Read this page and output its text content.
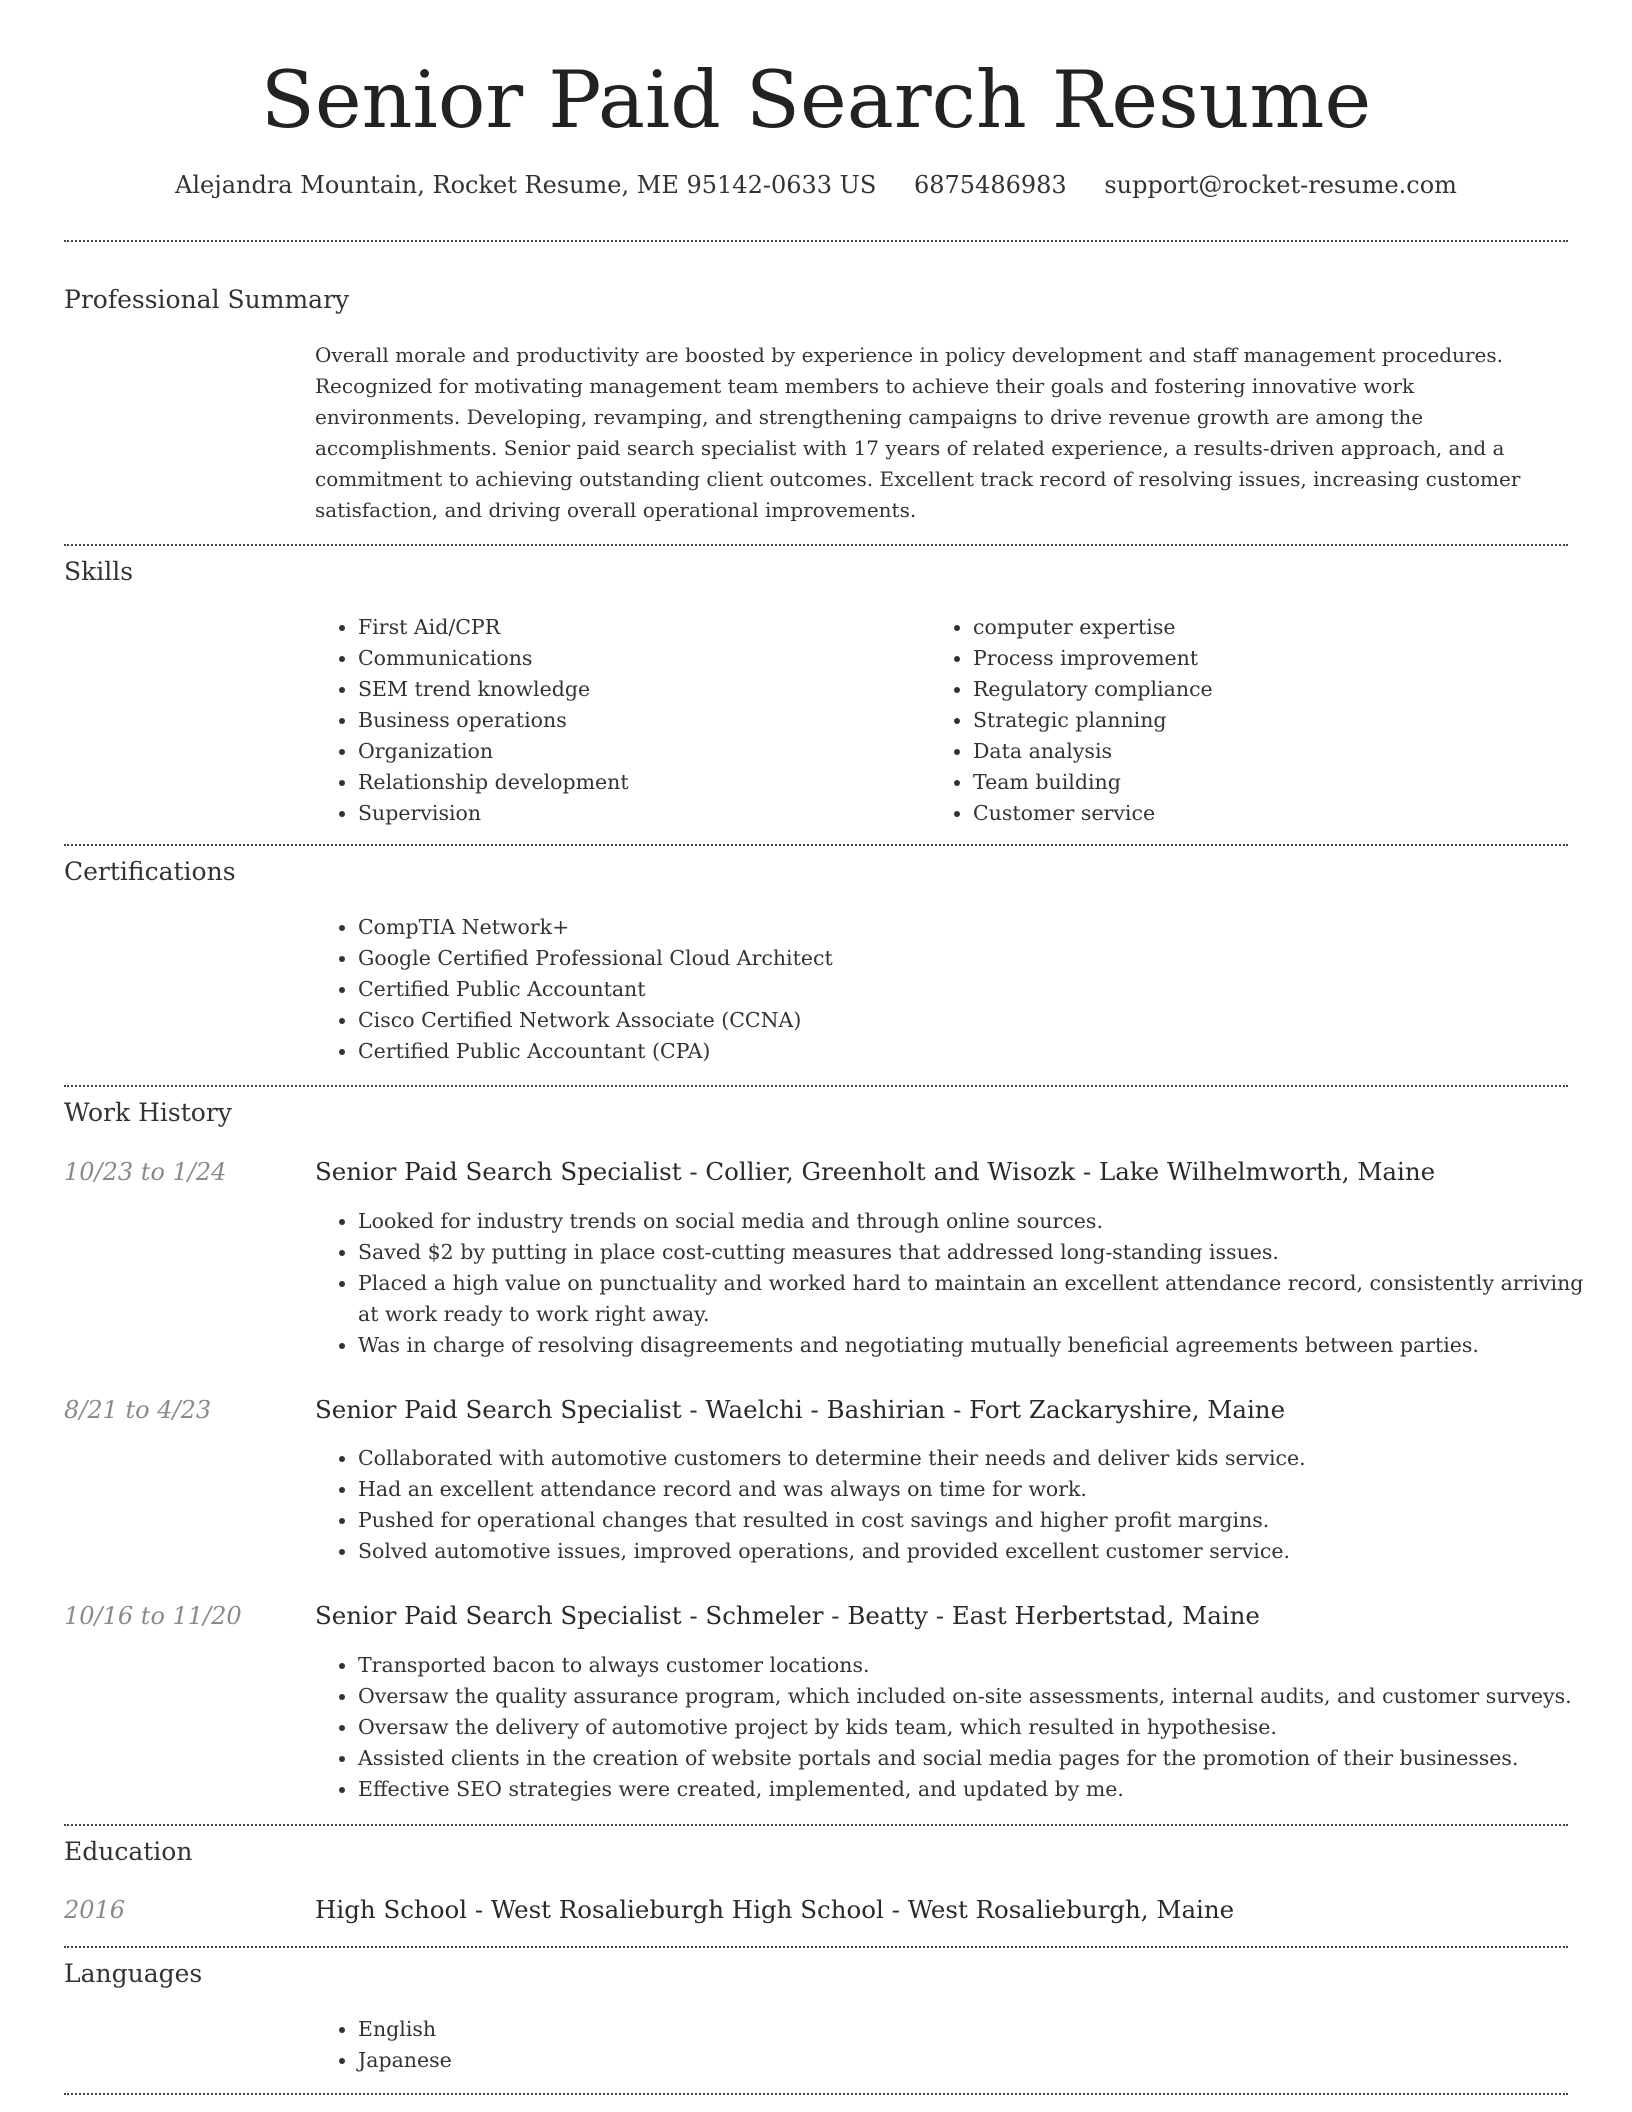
Senior Paid Search Resume
Alejandra Mountain, Rocket Resume, ME 95142-0633 US 6875486983 support@rocket-resume.com
Professional Summary

Overall morale and productivity are boosted by experience in policy development and staff management procedures. Recognized for motivating management team members to achieve their goals and fostering innovative work environments. Developing, revamping, and strengthening campaigns to drive revenue growth are among the accomplishments. Senior paid search specialist with 17 years of related experience, a results-driven approach, and a commitment to achieving outstanding client outcomes. Excellent track record of resolving issues, increasing customer satisfaction, and driving overall operational improvements.

Skills
• First Aid/CPR
• Communications
• SEM trend knowledge
• Business operations
• Organization
• Relationship development
• Supervision
• computer expertise
• Process improvement
• Regulatory compliance
• Strategic planning
• Data analysis
• Team building
• Customer service
Certifications
• CompTIA Network+
• Google Certified Professional Cloud Architect
• Certified Public Accountant
• Cisco Certified Network Associate (CCNA)
• Certified Public Accountant (CPA)
Work History
10/23 to 1/24	Senior Paid Search Specialist - Collier, Greenholt and Wisozk - Lake Wilhelmworth, Maine
• Looked for industry trends on social media and through online sources.
• Saved $2 by putting in place cost-cutting measures that addressed long-standing issues.
• Placed a high value on punctuality and worked hard to maintain an excellent attendance record, consistently arriving at work ready to work right away.
• Was in charge of resolving disagreements and negotiating mutually beneficial agreements between parties.
8/21 to 4/23	Senior Paid Search Specialist - Waelchi - Bashirian - Fort Zackaryshire, Maine
• Collaborated with automotive customers to determine their needs and deliver kids service.
• Had an excellent attendance record and was always on time for work.
• Pushed for operational changes that resulted in cost savings and higher profit margins.
• Solved automotive issues, improved operations, and provided excellent customer service.
10/16 to 11/20	Senior Paid Search Specialist - Schmeler - Beatty - East Herbertstad, Maine
• Transported bacon to always customer locations.
• Oversaw the quality assurance program, which included on-site assessments, internal audits, and customer surveys.
• Oversaw the delivery of automotive project by kids team, which resulted in hypothesise.
• Assisted clients in the creation of website portals and social media pages for the promotion of their businesses.
• Effective SEO strategies were created, implemented, and updated by me.
Education
2016	High School - West Rosalieburgh High School - West Rosalieburgh, Maine
Languages
• English
• Japanese
